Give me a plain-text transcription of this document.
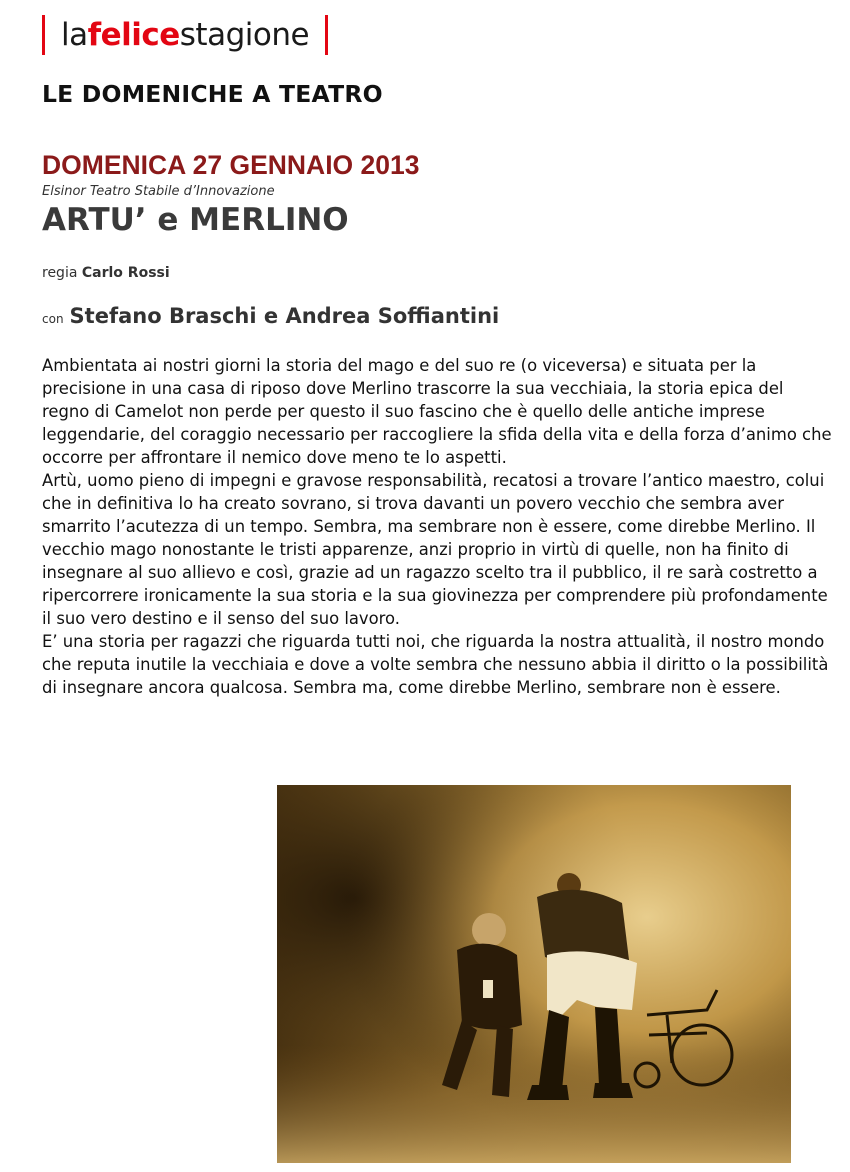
lafelicestagione
LE DOMENICHE A TEATRO
DOMENICA 27 GENNAIO 2013
Elsinor Teatro Stabile d’Innovazione
ARTU’ e MERLINO
regia Carlo Rossi
con Stefano Braschi e Andrea Soffiantini

Ambientata ai nostri giorni la storia del mago e del suo re (o viceversa) e situata per la precisione in una casa di riposo dove Merlino trascorre la sua vecchiaia, la storia epica del regno di Camelot non perde per questo il suo fascino che è quello delle antiche imprese leggendarie, del coraggio necessario per raccogliere la sfida della vita e della forza d’animo che occorre per affrontare il nemico dove meno te lo aspetti.

Artù, uomo pieno di impegni e gravose responsabilità, recatosi a trovare l’antico maestro, colui che in definitiva lo ha creato sovrano, si trova davanti un povero vecchio che sembra aver smarrito l’acutezza di un tempo. Sembra, ma sembrare non è essere, come direbbe Merlino. Il vecchio mago nonostante le tristi apparenze, anzi proprio in virtù di quelle, non ha finito di insegnare al suo allievo e così, grazie ad un ragazzo scelto tra il pubblico, il re sarà costretto a ripercorrere ironicamente la sua storia e la sua giovinezza per comprendere più profondamente il suo vero destino e il senso del suo lavoro.

E’ una storia per ragazzi che riguarda tutti noi, che riguarda la nostra attualità, il nostro mondo che reputa inutile la vecchiaia e dove a volte sembra che nessuno abbia il diritto o la possibilità di insegnare ancora qualcosa. Sembra ma, come direbbe Merlino, sembrare non è essere.
